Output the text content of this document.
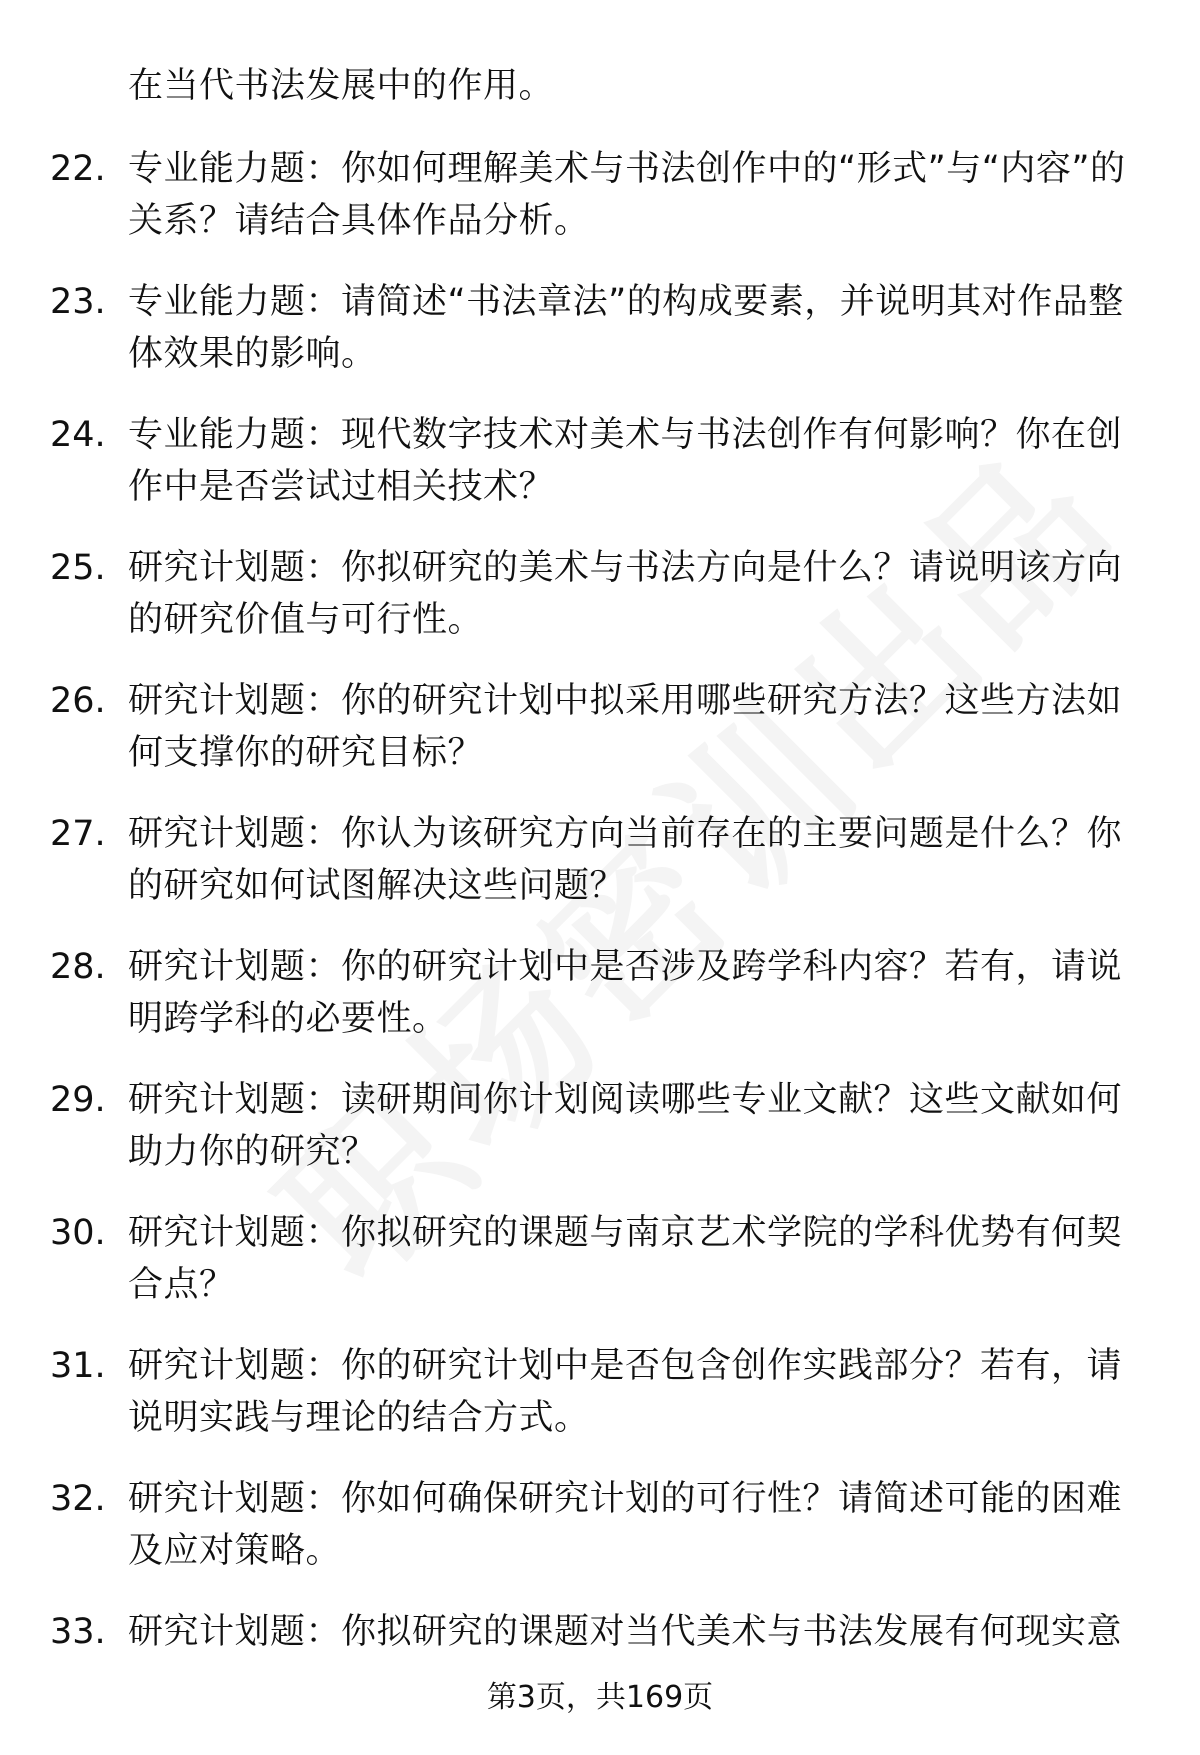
在当代书法发展中的作用。

22. 专业能力题：你如何理解美术与书法创作中的“形式”与“内容”的关系？请结合具体作品分析。
23. 专业能力题：请简述“书法章法”的构成要素，并说明其对作品整体效果的影响。
24. 专业能力题：现代数字技术对美术与书法创作有何影响？你在创作中是否尝试过相关技术？
25. 研究计划题：你拟研究的美术与书法方向是什么？请说明该方向的研究价值与可行性。
26. 研究计划题：你的研究计划中拟采用哪些研究方法？这些方法如何支撑你的研究目标？
27. 研究计划题：你认为该研究方向当前存在的主要问题是什么？你的研究如何试图解决这些问题？
28. 研究计划题：你的研究计划中是否涉及跨学科内容？若有，请说明跨学科的必要性。
29. 研究计划题：读研期间你计划阅读哪些专业文献？这些文献如何助力你的研究？
30. 研究计划题：你拟研究的课题与南京艺术学院的学科优势有何契合点？
31. 研究计划题：你的研究计划中是否包含创作实践部分？若有，请说明实践与理论的结合方式。
32. 研究计划题：你如何确保研究计划的可行性？请简述可能的困难及应对策略。
33. 研究计划题：你拟研究的课题对当代美术与书法发展有何现实意

第3页，共169页
